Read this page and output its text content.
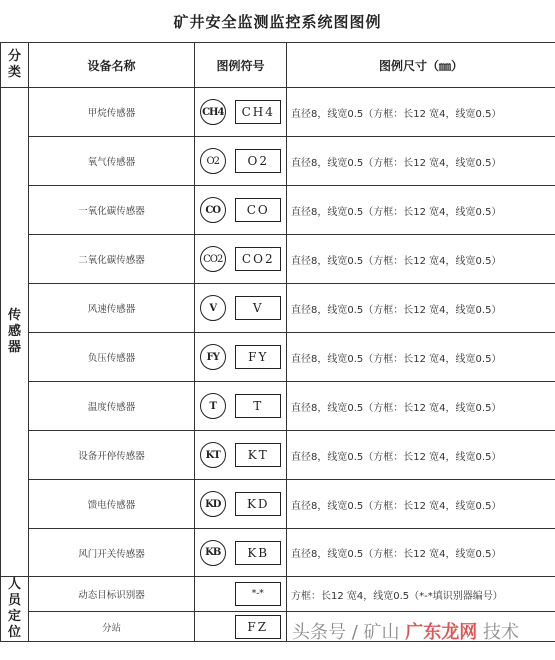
矿井安全监测监控系统图图例
分类	设备名称	图例符号	图例尺寸（㎜）
传感器	甲烷传感器	CH4 CH4	直径8，线宽0.5（方框：长12 宽4，线宽0.5）
	氧气传感器	O2 O2	直径8，线宽0.5（方框：长12 宽4，线宽0.5）
	一氧化碳传感器	CO CO	直径8，线宽0.5（方框：长12 宽4，线宽0.5）
	二氧化碳传感器	CO2 CO2	直径8，线宽0.5（方框：长12 宽4，线宽0.5）
	风速传感器	V V	直径8，线宽0.5（方框：长12 宽4，线宽0.5）
	负压传感器	FY FY	直径8，线宽0.5（方框：长12 宽4，线宽0.5）
	温度传感器	T T	直径8，线宽0.5（方框：长12 宽4，线宽0.5）
	设备开停传感器	KT KT	直径8，线宽0.5（方框：长12 宽4，线宽0.5）
	馈电传感器	KD KD	直径8，线宽0.5（方框：长12 宽4，线宽0.5）
	风门开关传感器	KB KB	直径8，线宽0.5（方框：长12 宽4，线宽0.5）
人员定位	动态目标识别器	*-*	方框：长12 宽4，线宽0.5（*-*填识别器编号）
	分站	FZ	
		头条号 / 矿山 广东龙网 技术
